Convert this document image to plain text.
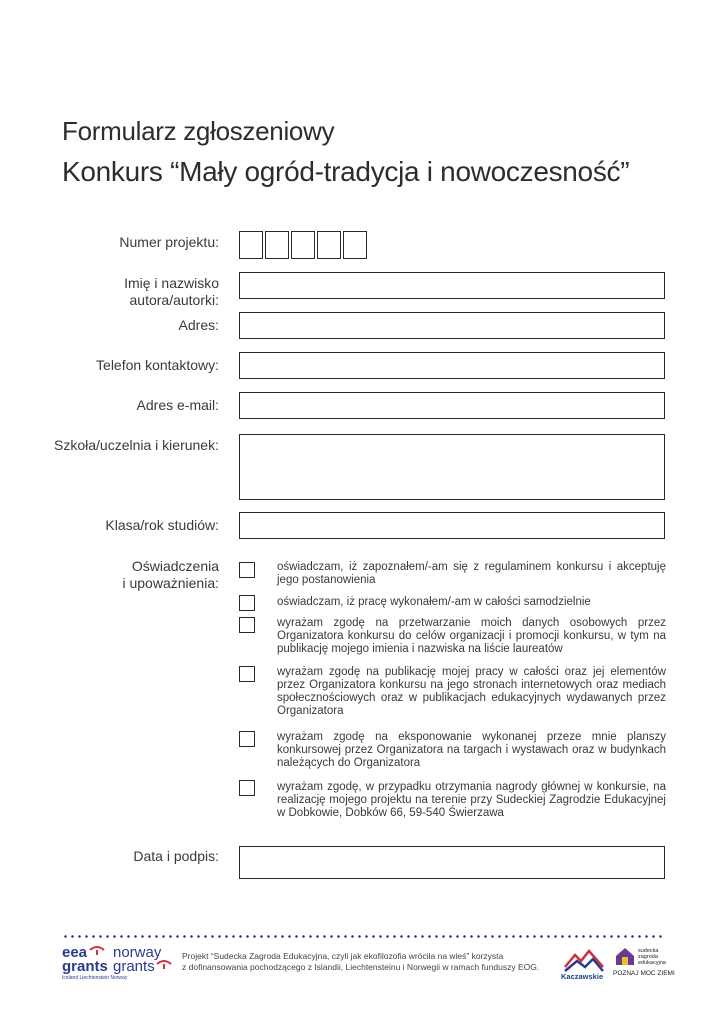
Formularz zgłoszeniowy
Konkurs “Mały ogród-tradycja i nowoczesność”
Numer projektu:
Imię i nazwisko
autora/autorki:
Adres:
Telefon kontaktowy:
Adres e-mail:
Szkoła/uczelnia i kierunek:
Klasa/rok studiów:
Oświadczenia
i upoważnienia:
oświadczam, iż zapoznałem/-am się z regulaminem konkursu i akceptuję jego postanowienia
oświadczam, iż pracę wykonałem/-am w całości samodzielnie
wyrażam zgodę na przetwarzanie moich danych osobowych przez Organizatora konkursu do celów organizacji i promocji konkursu, w tym na publikację mojego imienia i nazwiska na liście laureatów
wyrażam zgodę na publikację mojej pracy w całości oraz jej elementów przez Organizatora konkursu na jego stronach internetowych oraz mediach społecznościowych oraz w publikacjach edukacyjnych wydawanych przez Organizatora
wyrażam zgodę na eksponowanie wykonanej przeze mnie planszy konkursowej przez Organizatora na targach i wystawach oraz w budynkach należących do Organizatora
wyrażam zgodę, w przypadku otrzymania nagrody głównej w konkursie, na realizację mojego projektu na terenie przy Sudeckiej Zagrodzie Edukacyjnej w Dobkowie, Dobków 66, 59-540 Świerzawa
Data i podpis:
eea
grants
norway
grants
Iceland Liechtenstein Norway
Projekt “Sudecka Zagroda Edukacyjna, czyli jak ekofilozofia wróciła na wieś” korzysta
z dofinansowania pochodzącego z Islandii, Liechtensteinu i Norwegii w ramach funduszy EOG.
Kaczawskie
sudecka
zagroda
edukacyjna
POZNAJ MOC ZIEMI
